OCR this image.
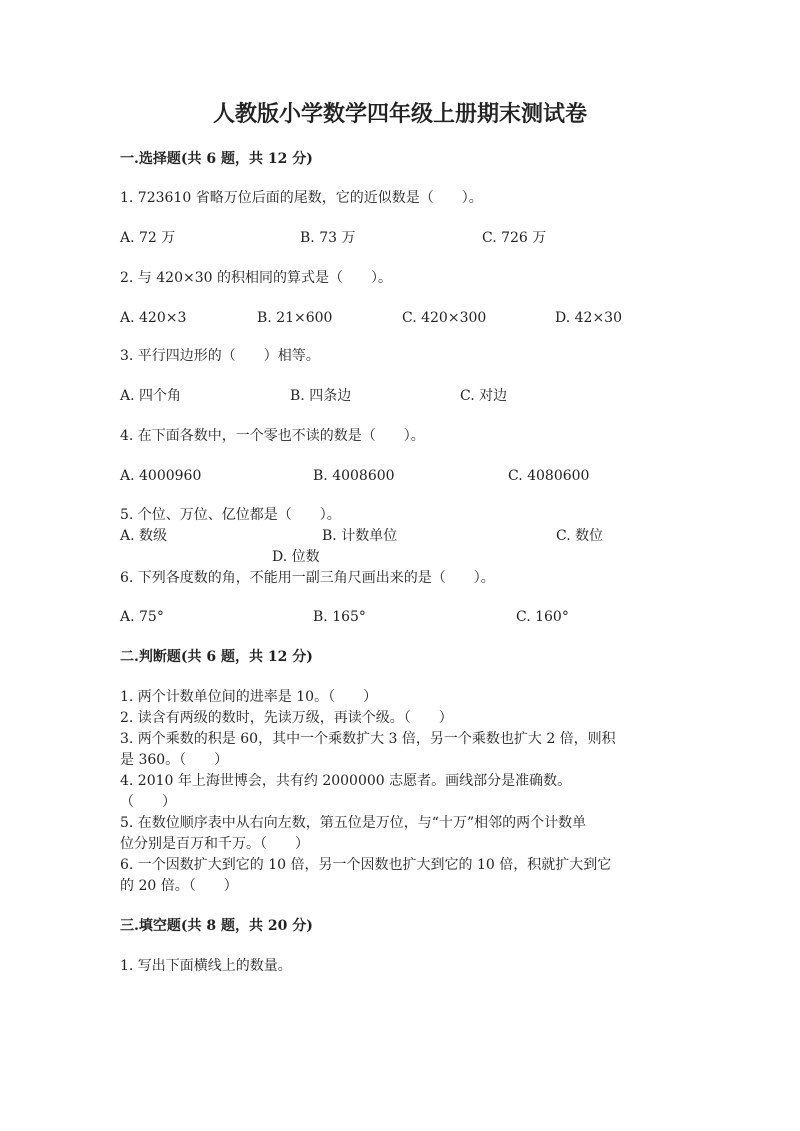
人教版小学数学四年级上册期末测试卷
一.选择题(共 6 题，共 12 分)
1. 723610 省略万位后面的尾数，它的近似数是（　　）。
A. 72 万	B. 73 万	C. 726 万
2. 与 420×30 的积相同的算式是（　　）。
A. 420×3	B. 21×600	C. 420×300	D. 42×30
3. 平行四边形的（　　）相等。
A. 四个角	B. 四条边	C. 对边
4. 在下面各数中，一个零也不读的数是（　　）。
A. 4000960	B. 4008600	C. 4080600
5. 个位、万位、亿位都是（　　）。
A. 数级	B. 计数单位	C. 数位
D. 位数
6. 下列各度数的角，不能用一副三角尺画出来的是（　　）。
A. 75°	B. 165°	C. 160°
二.判断题(共 6 题，共 12 分)
1. 两个计数单位间的进率是 10。（　　）
2. 读含有两级的数时，先读万级，再读个级。（　　）
3. 两个乘数的积是 60，其中一个乘数扩大 3 倍，另一个乘数也扩大 2 倍，则积
是 360。（　　）
4. 2010 年上海世博会，共有约 2000000 志愿者。画线部分是准确数。
（　　）
5. 在数位顺序表中从右向左数，第五位是万位，与“十万”相邻的两个计数单
位分别是百万和千万。（　　）
6. 一个因数扩大到它的 10 倍，另一个因数也扩大到它的 10 倍，积就扩大到它
的 20 倍。（　　）
三.填空题(共 8 题，共 20 分)
1. 写出下面横线上的数量。
